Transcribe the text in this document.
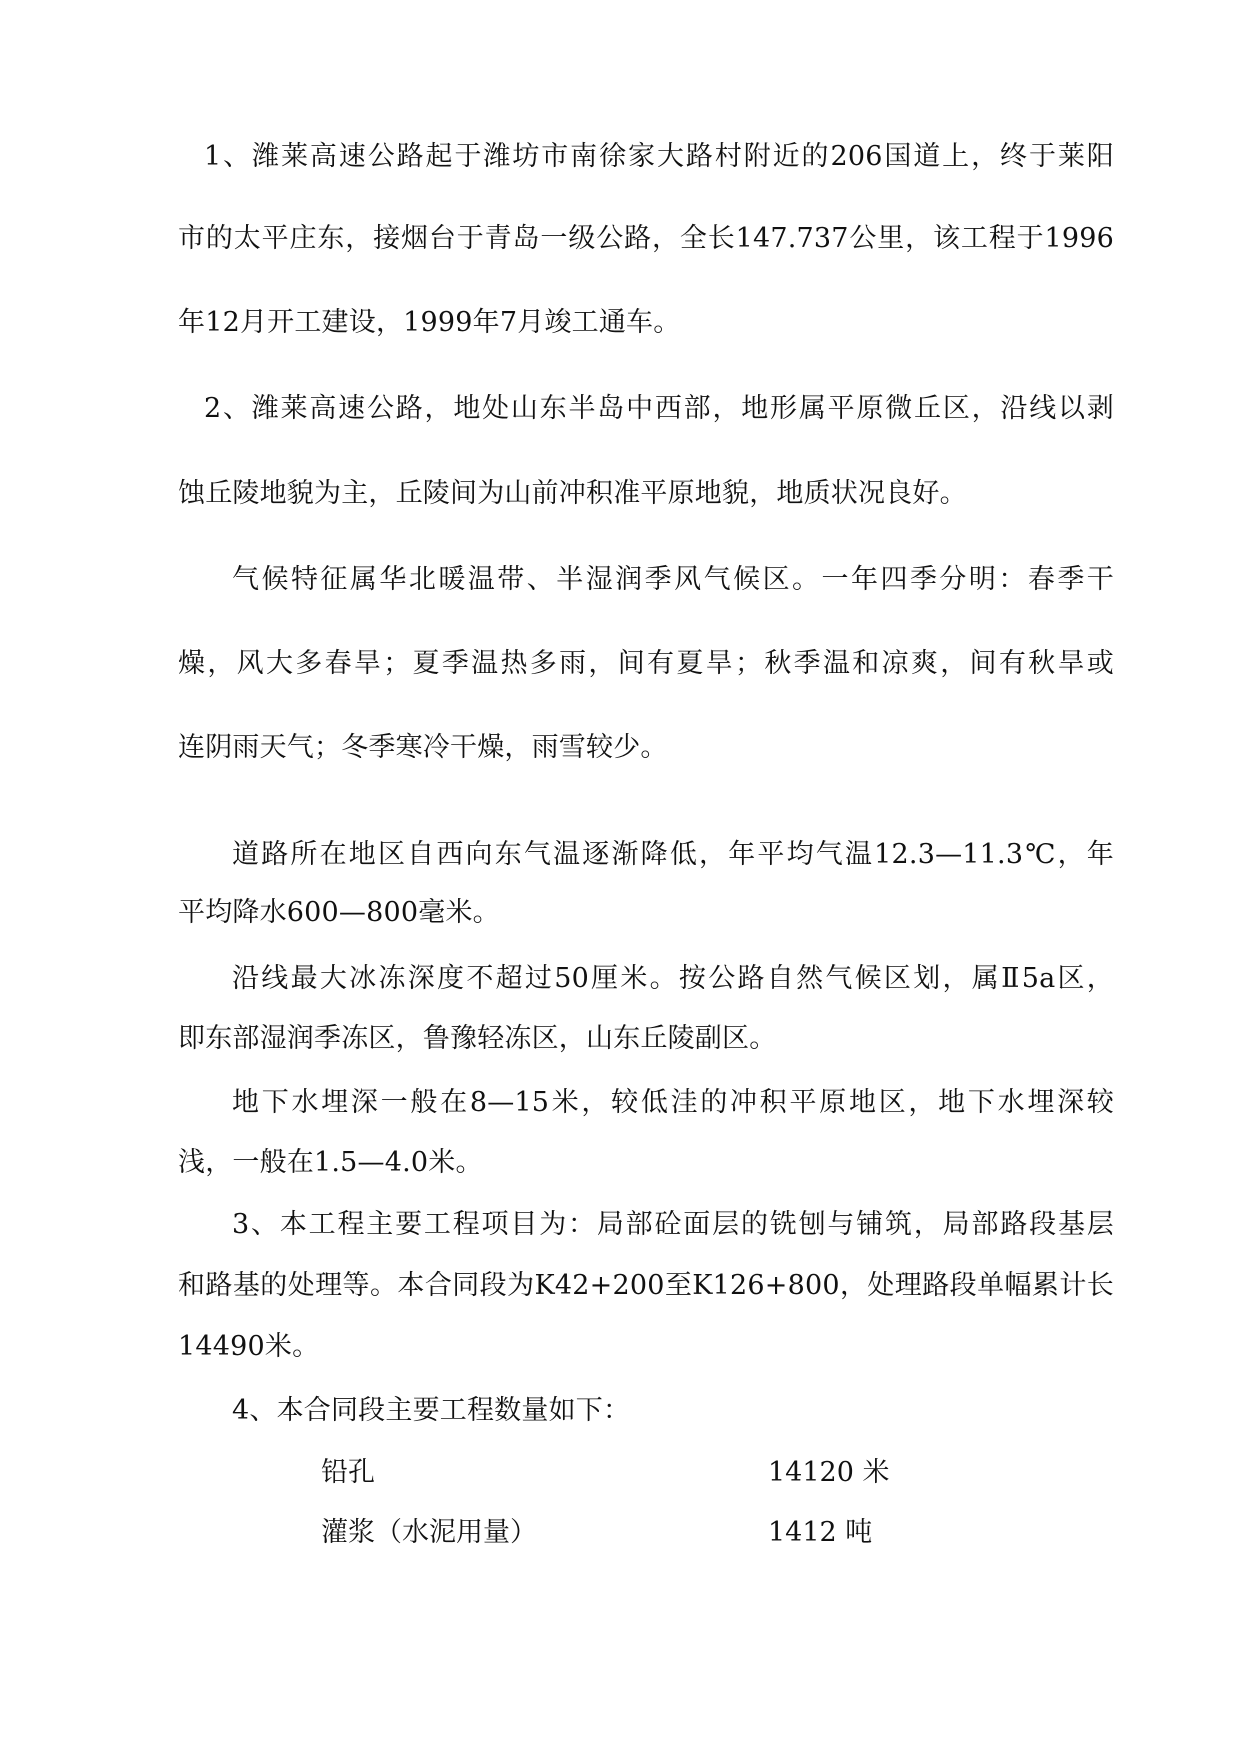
1、潍莱高速公路起于潍坊市南徐家大路村附近的206国道上，终于莱阳
市的太平庄东，接烟台于青岛一级公路，全长147.737公里，该工程于1996
年12月开工建设，1999年7月竣工通车。
2、潍莱高速公路，地处山东半岛中西部，地形属平原微丘区，沿线以剥
蚀丘陵地貌为主，丘陵间为山前冲积准平原地貌，地质状况良好。
气候特征属华北暖温带、半湿润季风气候区。一年四季分明：春季干
燥，风大多春旱；夏季温热多雨，间有夏旱；秋季温和凉爽，间有秋旱或
连阴雨天气；冬季寒冷干燥，雨雪较少。
道路所在地区自西向东气温逐渐降低，年平均气温12.3—11.3℃，年
平均降水600—800毫米。
沿线最大冰冻深度不超过50厘米。按公路自然气候区划，属Ⅱ5a区，
即东部湿润季冻区，鲁豫轻冻区，山东丘陵副区。
地下水埋深一般在8—15米，较低洼的冲积平原地区，地下水埋深较
浅，一般在1.5—4.0米。
3、本工程主要工程项目为：局部砼面层的铣刨与铺筑，局部路段基层
和路基的处理等。本合同段为K42+200至K126+800，处理路段单幅累计长
14490米。
4、本合同段主要工程数量如下：
铅孔	14120 米
灌浆（水泥用量）	1412 吨
